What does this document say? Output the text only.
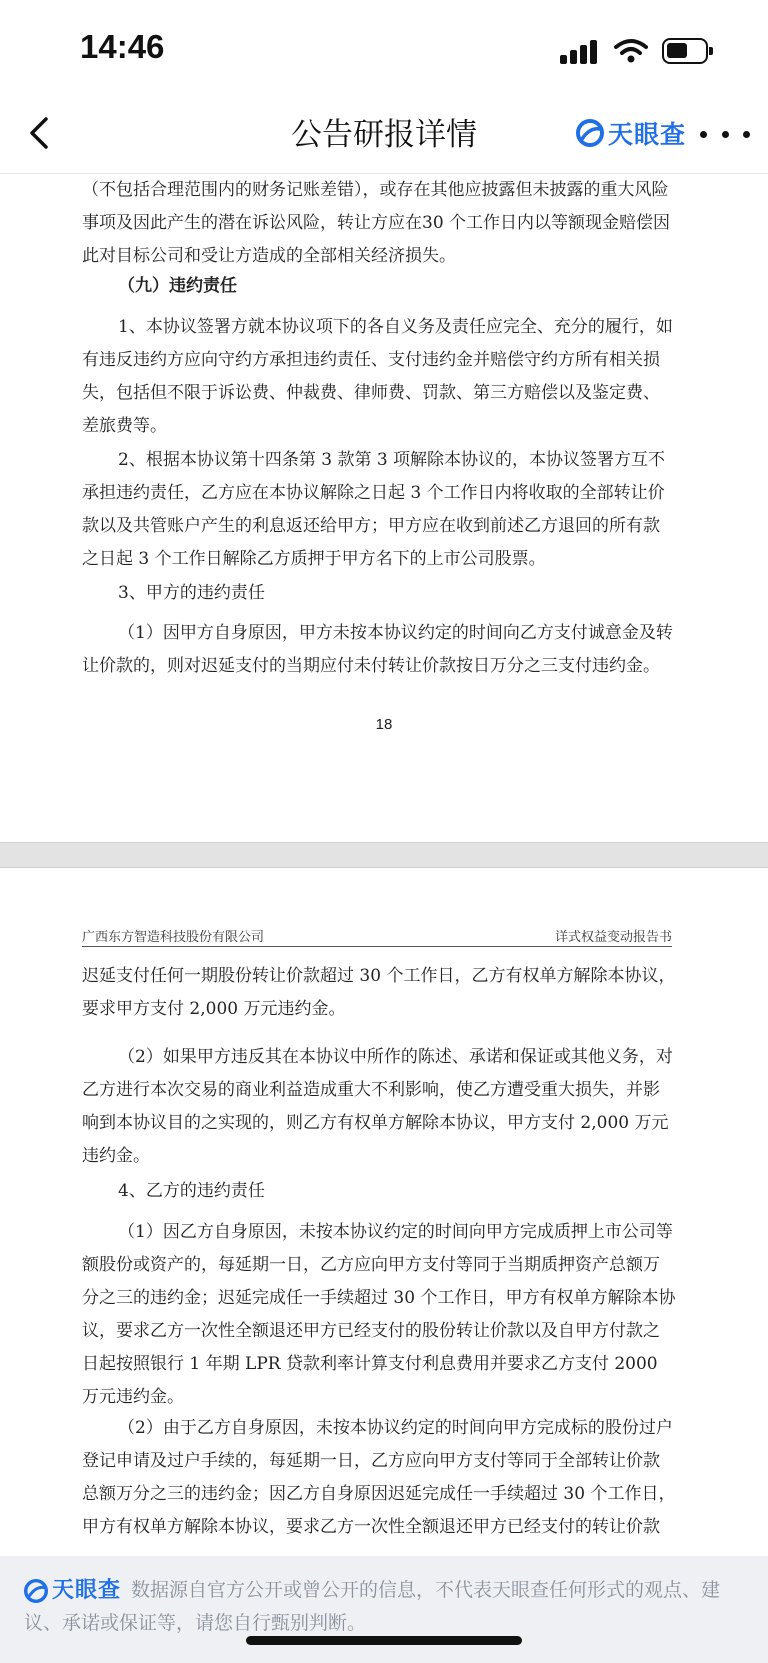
14:46
公告研报详情	天眼查
（不包括合理范围内的财务记账差错），或存在其他应披露但未披露的重大风险事项及因此产生的潜在诉讼风险，转让方应在30 个工作日内以等额现金赔偿因此对目标公司和受让方造成的全部相关经济损失。
（九）违约责任
1、本协议签署方就本协议项下的各自义务及责任应完全、充分的履行，如有违反违约方应向守约方承担违约责任、支付违约金并赔偿守约方所有相关损失，包括但不限于诉讼费、仲裁费、律师费、罚款、第三方赔偿以及鉴定费、差旅费等。
2、根据本协议第十四条第 3 款第 3 项解除本协议的，本协议签署方互不承担违约责任，乙方应在本协议解除之日起 3 个工作日内将收取的全部转让价款以及共管账户产生的利息返还给甲方；甲方应在收到前述乙方退回的所有款之日起 3 个工作日解除乙方质押于甲方名下的上市公司股票。
3、甲方的违约责任
（1）因甲方自身原因，甲方未按本协议约定的时间向乙方支付诚意金及转让价款的，则对迟延支付的当期应付未付转让价款按日万分之三支付违约金。
18
广西东方智造科技股份有限公司	详式权益变动报告书
迟延支付任何一期股份转让价款超过 30 个工作日，乙方有权单方解除本协议，要求甲方支付 2,000 万元违约金。
（2）如果甲方违反其在本协议中所作的陈述、承诺和保证或其他义务，对乙方进行本次交易的商业利益造成重大不利影响，使乙方遭受重大损失，并影响到本协议目的之实现的，则乙方有权单方解除本协议，甲方支付 2,000 万元违约金。
4、乙方的违约责任
（1）因乙方自身原因，未按本协议约定的时间向甲方完成质押上市公司等额股份或资产的，每延期一日，乙方应向甲方支付等同于当期质押资产总额万分之三的违约金；迟延完成任一手续超过 30 个工作日，甲方有权单方解除本协议，要求乙方一次性全额退还甲方已经支付的股份转让价款以及自甲方付款之日起按照银行 1 年期 LPR 贷款利率计算支付利息费用并要求乙方支付 2000 万元违约金。
（2）由于乙方自身原因，未按本协议约定的时间向甲方完成标的股份过户登记申请及过户手续的，每延期一日，乙方应向甲方支付等同于全部转让价款总额万分之三的违约金；因乙方自身原因迟延完成任一手续超过 30 个工作日，甲方有权单方解除本协议，要求乙方一次性全额退还甲方已经支付的转让价款
天眼查 数据源自官方公开或曾公开的信息，不代表天眼查任何形式的观点、建议、承诺或保证等，请您自行甄别判断。
